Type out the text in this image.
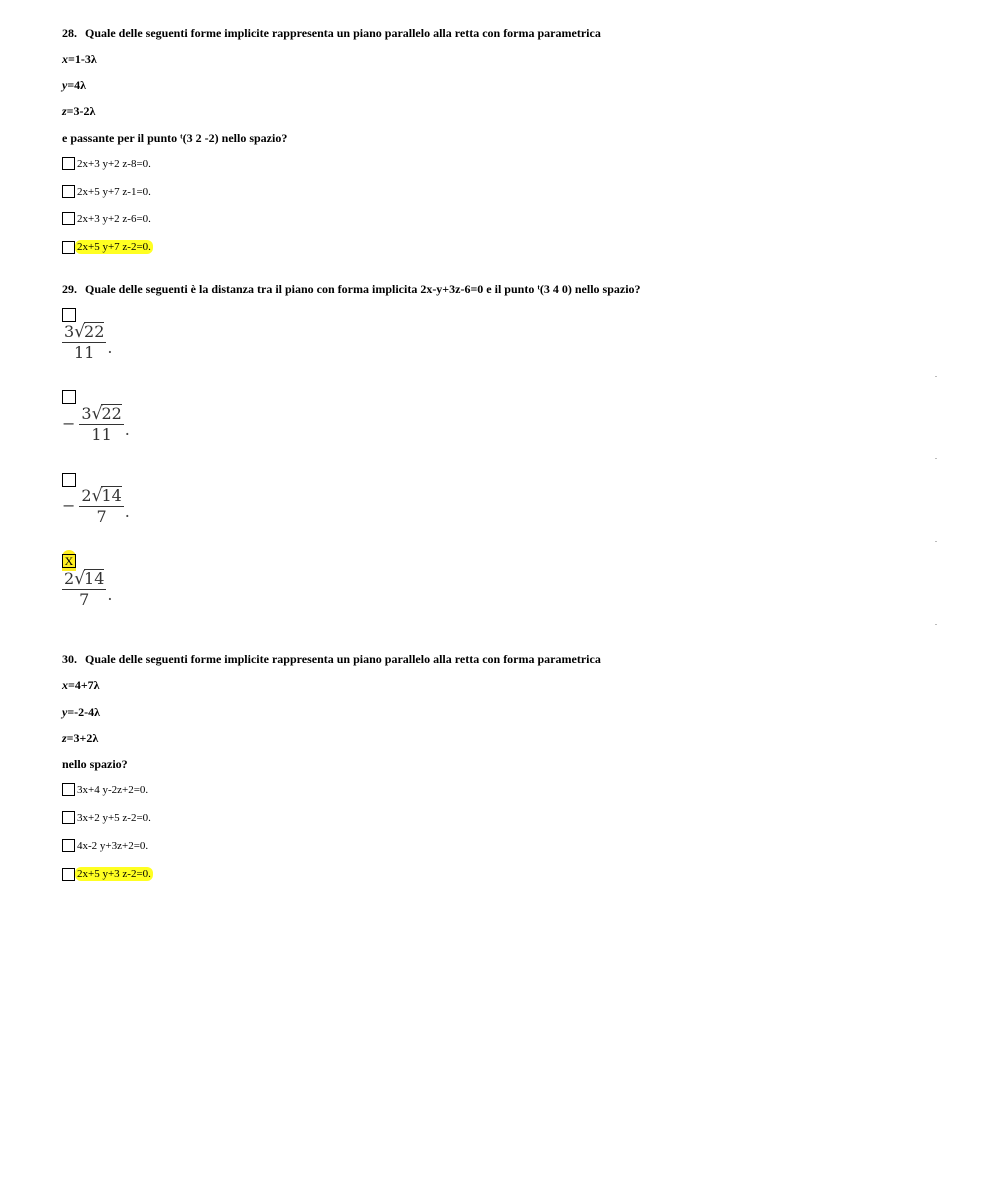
28. Quale delle seguenti forme implicite rappresenta un piano parallelo alla retta con forma parametrica
x=1-3λ
y=4λ
z=3-2λ
e passante per il punto ᵗ(3 2 -2) nello spazio?
2x+3 y+2 z-8=0.
2x+5 y+7 z-1=0.
2x+3 y+2 z-6=0.
2x+5 y+7 z-2=0.
29. Quale delle seguenti è la distanza tra il piano con forma implicita 2x-y+3z-6=0 e il punto ᵗ(3 4 0) nello spazio?
$\frac{3 √ 22}{11}$ .
− $\frac{3 √ 22}{11}$ .
− $\frac{2 √ 14}{7}$ .
X
$\frac{2 √ 14}{7}$ .
30. Quale delle seguenti forme implicite rappresenta un piano parallelo alla retta con forma parametrica
x=4+7λ
y=-2-4λ
z=3+2λ
nello spazio?
3x+4 y-2z+2=0.
3x+2 y+5 z-2=0.
4x-2 y+3z+2=0.
2x+5 y+3 z-2=0.
